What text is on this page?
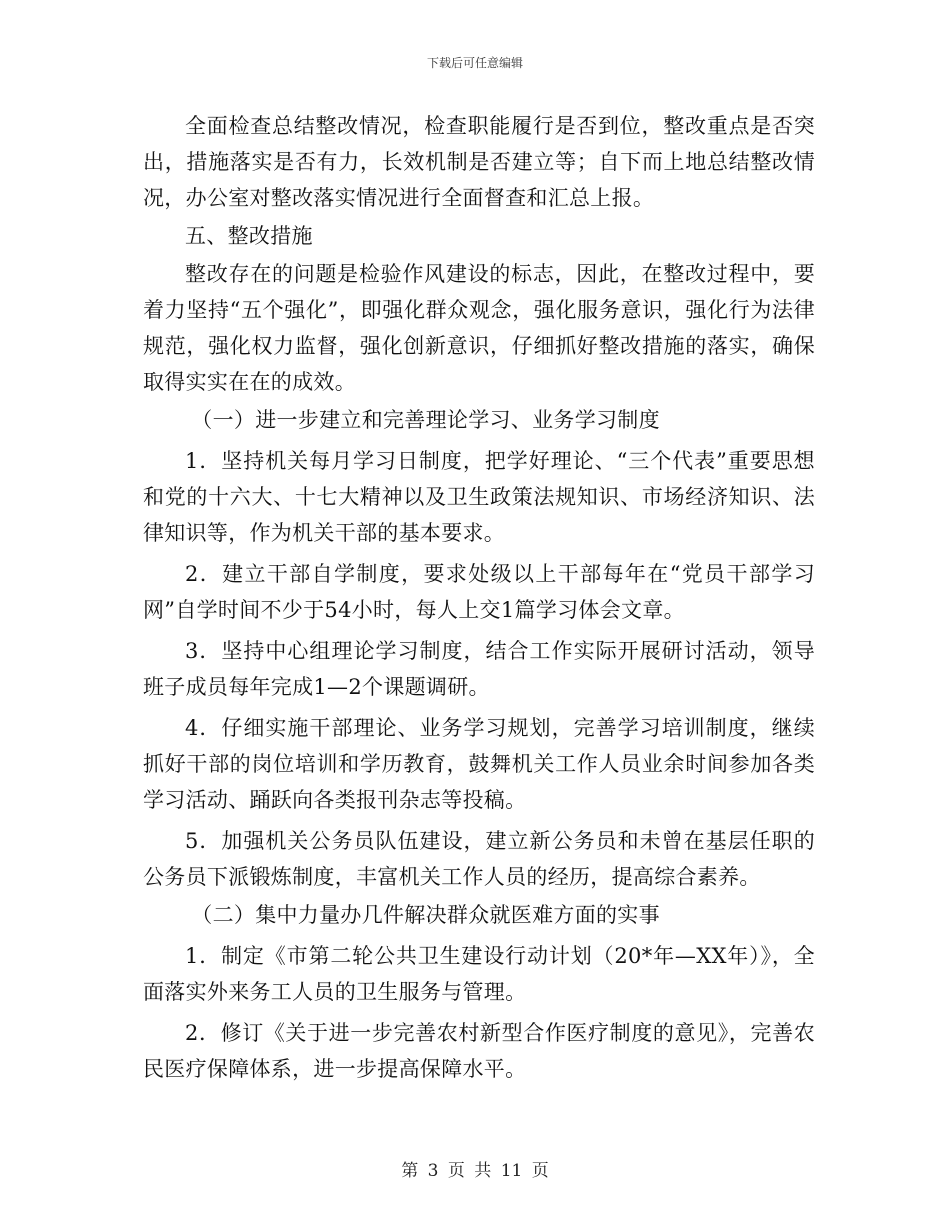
下载后可任意编辑

全面检查总结整改情况，检查职能履行是否到位，整改重点是否突出，措施落实是否有力，长效机制是否建立等；自下而上地总结整改情况，办公室对整改落实情况进行全面督查和汇总上报。

五、整改措施

整改存在的问题是检验作风建设的标志，因此，在整改过程中，要着力坚持“五个强化”，即强化群众观念，强化服务意识，强化行为法律规范，强化权力监督，强化创新意识，仔细抓好整改措施的落实，确保取得实实在在的成效。

（一）进一步建立和完善理论学习、业务学习制度

1．坚持机关每月学习日制度，把学好理论、“三个代表”重要思想和党的十六大、十七大精神以及卫生政策法规知识、市场经济知识、法律知识等，作为机关干部的基本要求。

2．建立干部自学制度，要求处级以上干部每年在“党员干部学习网”自学时间不少于54小时，每人上交1篇学习体会文章。

3．坚持中心组理论学习制度，结合工作实际开展研讨活动，领导班子成员每年完成1—2个课题调研。

4．仔细实施干部理论、业务学习规划，完善学习培训制度，继续抓好干部的岗位培训和学历教育，鼓舞机关工作人员业余时间参加各类学习活动、踊跃向各类报刊杂志等投稿。

5．加强机关公务员队伍建设，建立新公务员和未曾在基层任职的公务员下派锻炼制度，丰富机关工作人员的经历，提高综合素养。

（二）集中力量办几件解决群众就医难方面的实事

1．制定《市第二轮公共卫生建设行动计划（20*年—XX年）》，全面落实外来务工人员的卫生服务与管理。

2．修订《关于进一步完善农村新型合作医疗制度的意见》，完善农民医疗保障体系，进一步提高保障水平。

第 3 页 共 11 页
